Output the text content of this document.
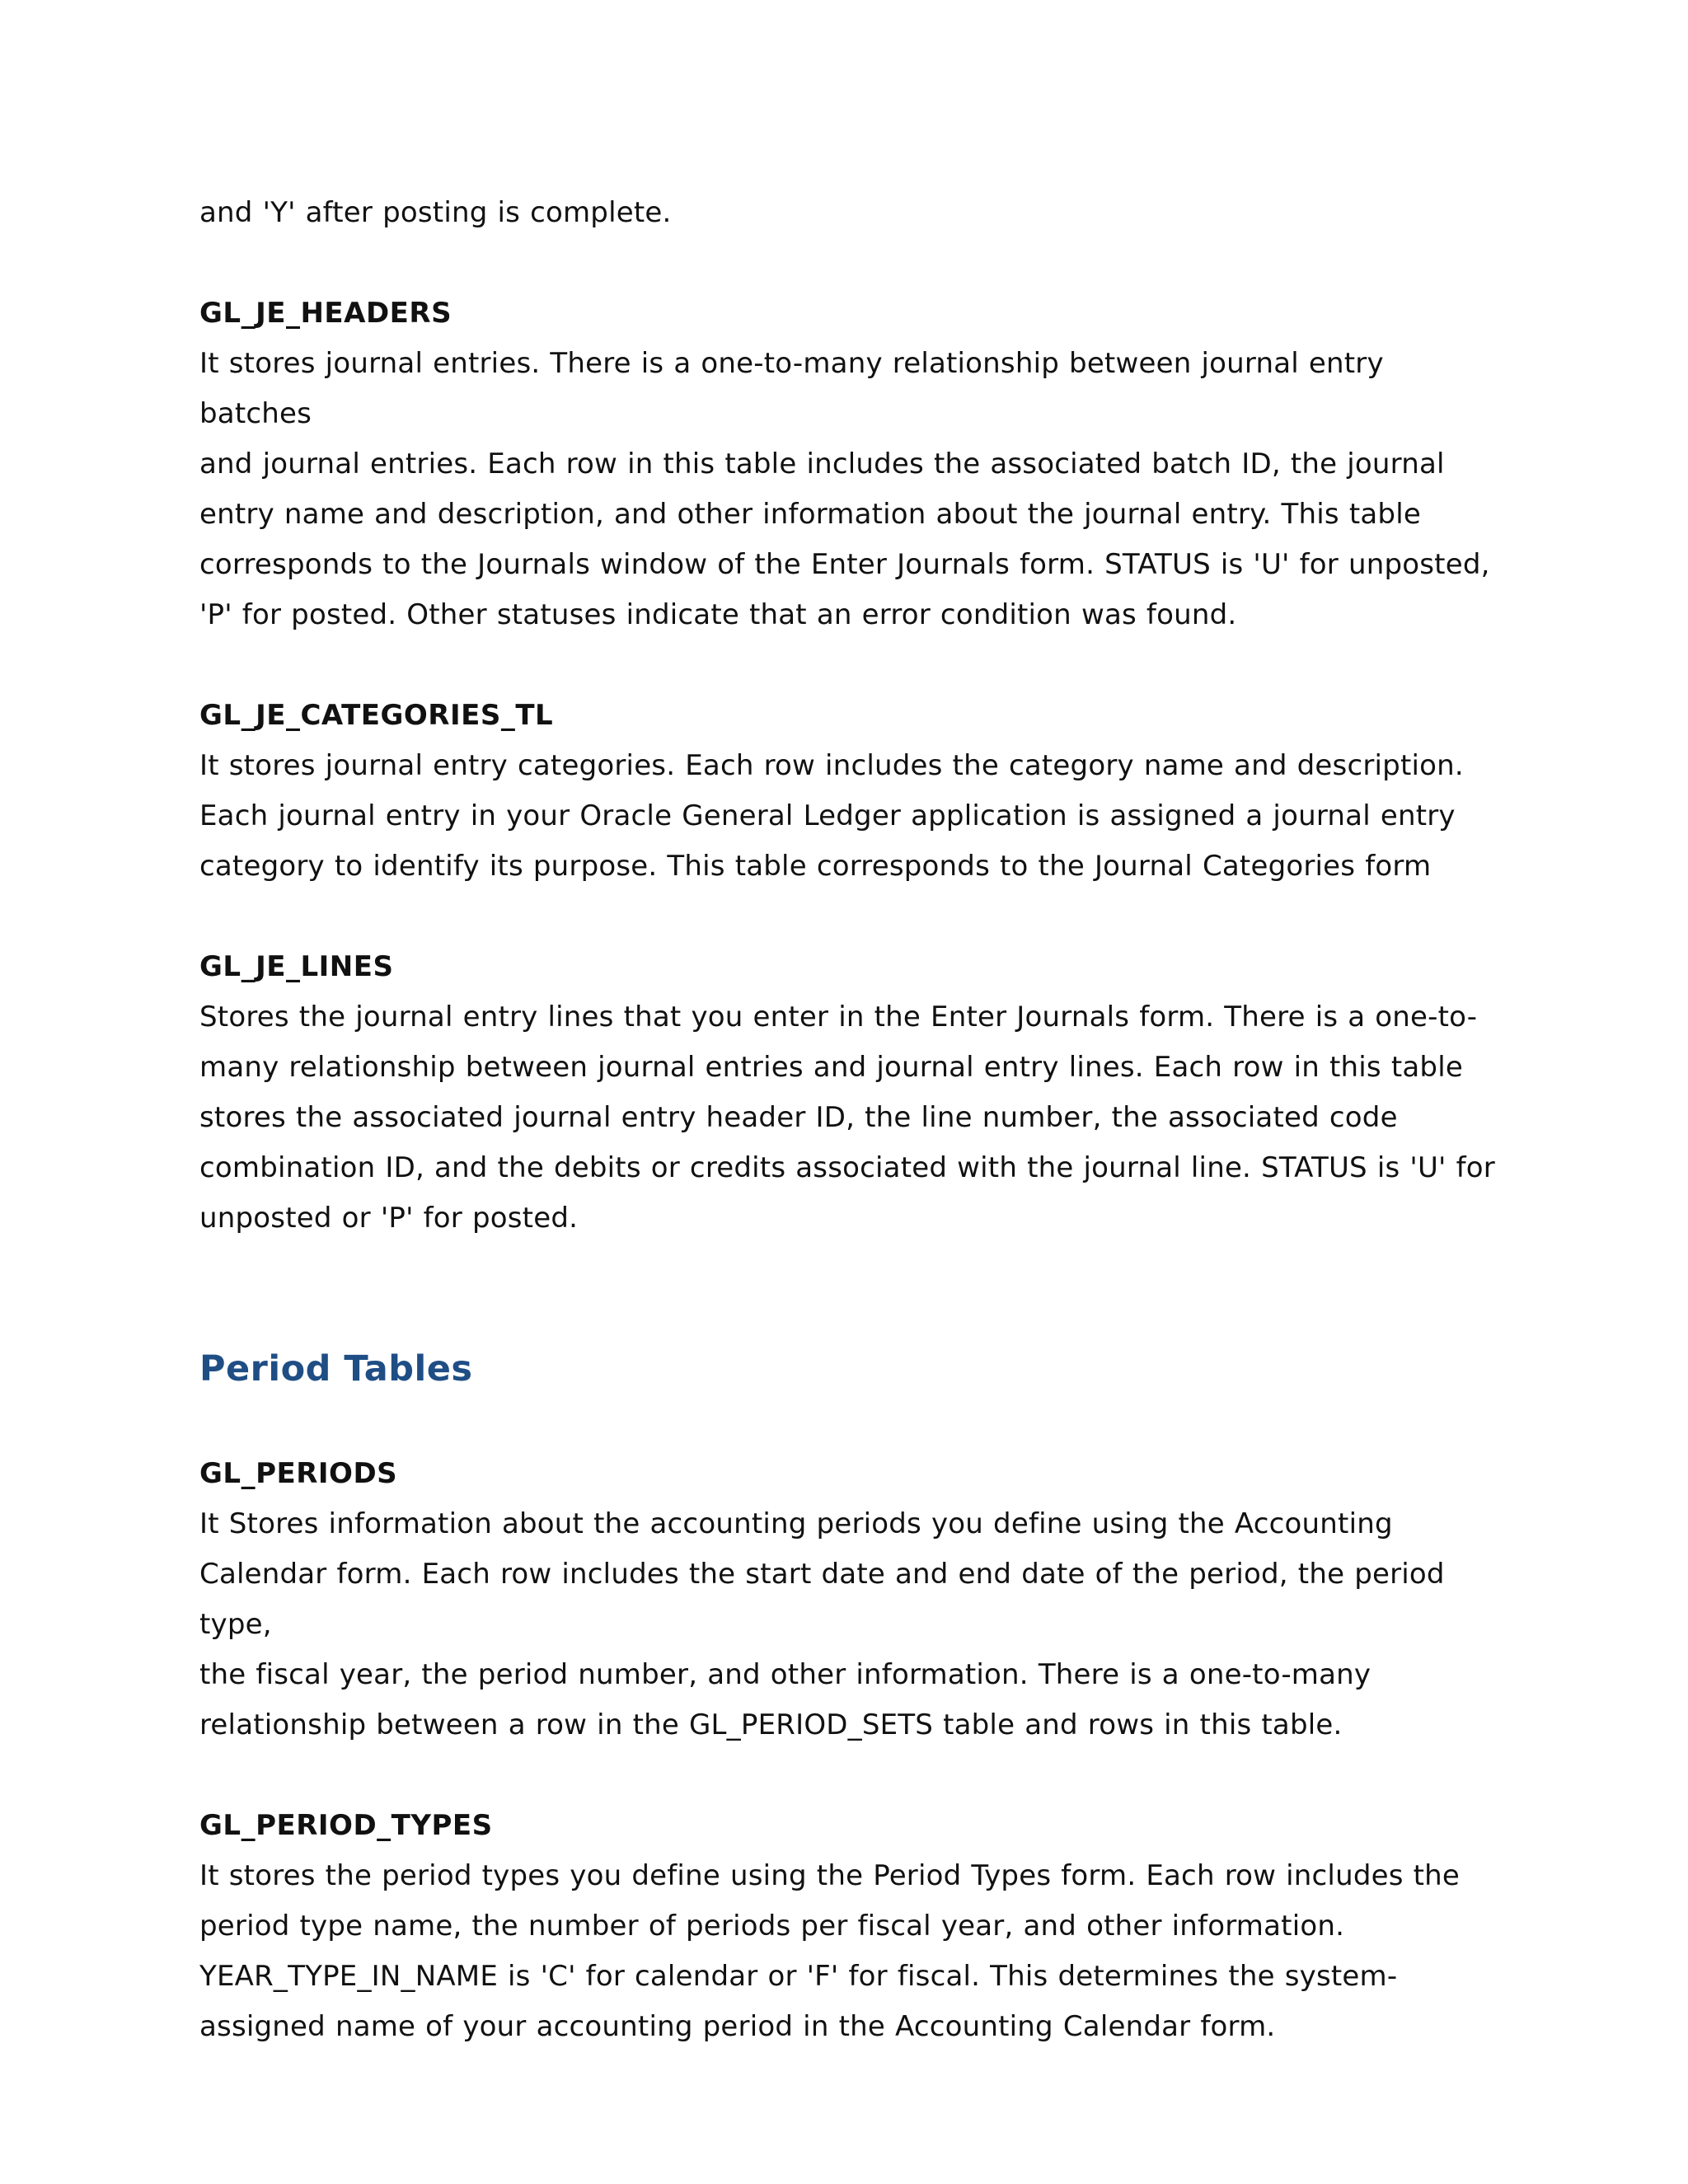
and 'Y' after posting is complete.

GL_JE_HEADERS

It stores journal entries. There is a one-to-many relationship between journal entry batches

and journal entries. Each row in this table includes the associated batch ID, the journal

entry name and description, and other information about the journal entry. This table

corresponds to the Journals window of the Enter Journals form. STATUS is 'U' for unposted,

'P' for posted. Other statuses indicate that an error condition was found.

GL_JE_CATEGORIES_TL

It stores journal entry categories. Each row includes the category name and description.

Each journal entry in your Oracle General Ledger application is assigned a journal entry

category to identify its purpose. This table corresponds to the Journal Categories form

GL_JE_LINES

Stores the journal entry lines that you enter in the Enter Journals form. There is a one-to-

many relationship between journal entries and journal entry lines. Each row in this table

stores the associated journal entry header ID, the line number, the associated code

combination ID, and the debits or credits associated with the journal line. STATUS is 'U' for

unposted or 'P' for posted.

Period Tables

GL_PERIODS

It Stores information about the accounting periods you define using the Accounting

Calendar form. Each row includes the start date and end date of the period, the period type,

the fiscal year, the period number, and other information. There is a one-to-many

relationship between a row in the GL_PERIOD_SETS table and rows in this table.

GL_PERIOD_TYPES

It stores the period types you define using the Period Types form. Each row includes the

period type name, the number of periods per fiscal year, and other information.

YEAR_TYPE_IN_NAME is 'C' for calendar or 'F' for fiscal. This determines the system-

assigned name of your accounting period in the Accounting Calendar form.
